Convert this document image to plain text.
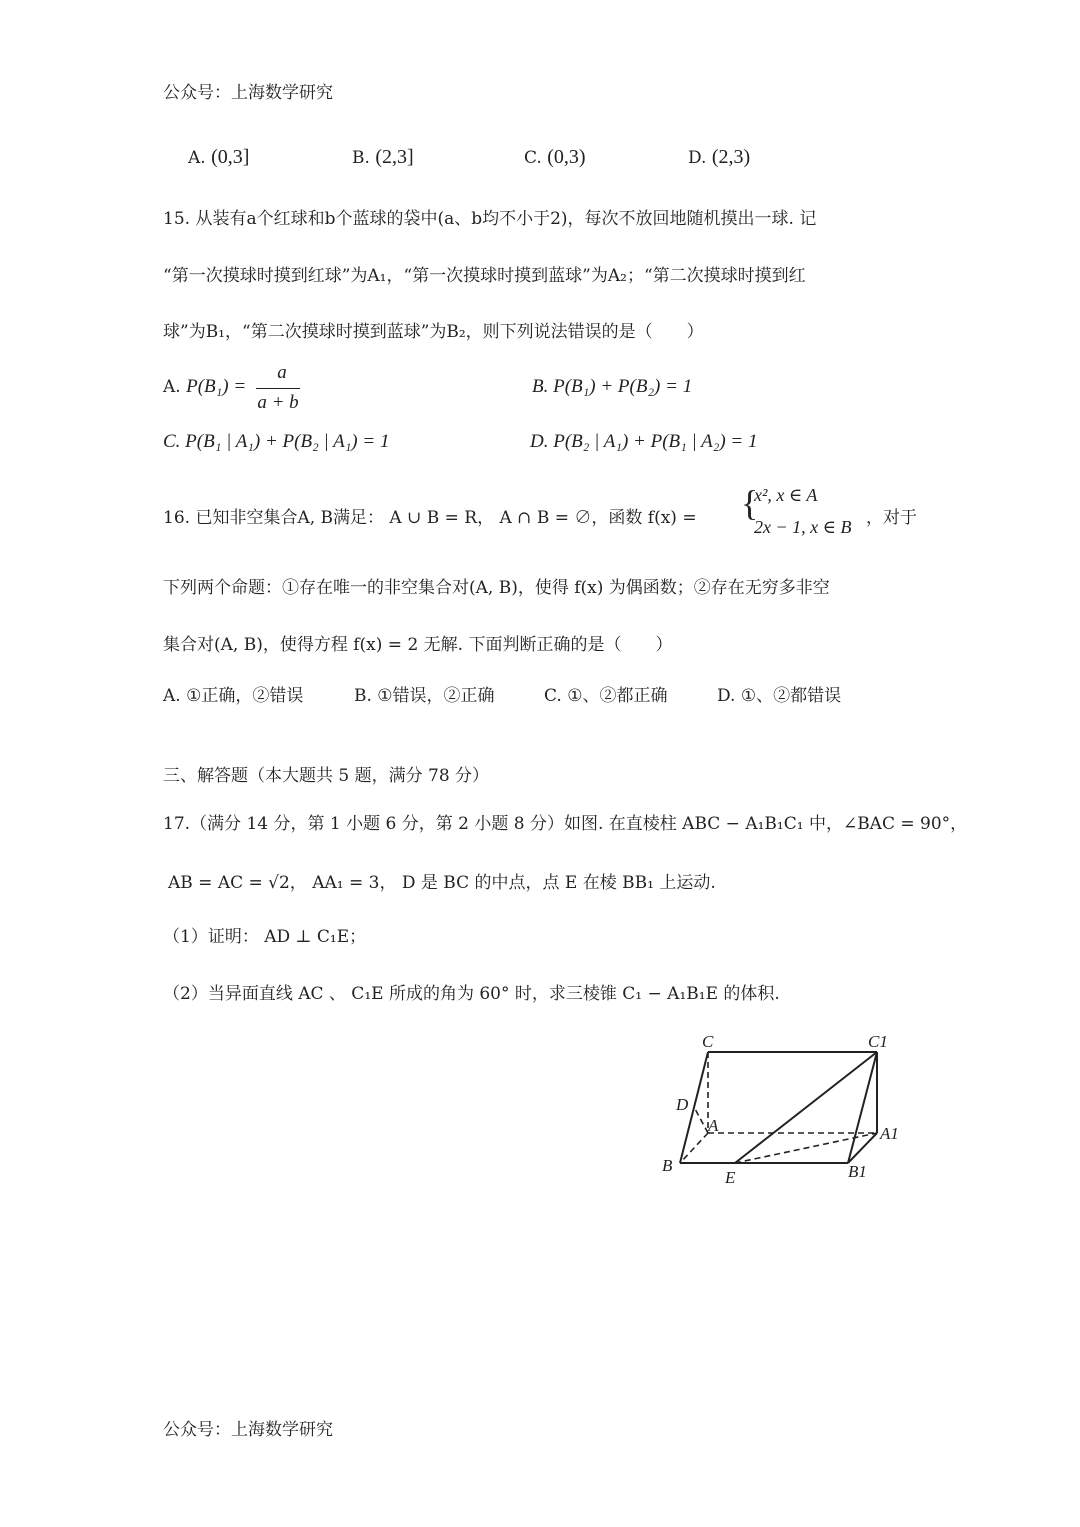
公众号：上海数学研究
A. (0,3]	B. (2,3]	C. (0,3)	D. (2,3)
15. 从装有a个红球和b个蓝球的袋中(a、b均不小于2)，每次不放回地随机摸出一球. 记
“第一次摸球时摸到红球”为A₁，“第一次摸球时摸到蓝球”为A₂；“第二次摸球时摸到红
球”为B₁，“第二次摸球时摸到蓝球”为B₂，则下列说法错误的是（　　）
A. P(B₁) =
a
a + b
B. P(B₁) + P(B₂) = 1
C. P(B₁ | A₁) + P(B₂ | A₁) = 1	D. P(B₂ | A₁) + P(B₁ | A₂) = 1
16. 已知非空集合A, B满足： A ∪ B = R， A ∩ B = ∅，函数 f(x) = {
x², x ∈ A
2x − 1, x ∈ B ，对于
下列两个命题：①存在唯一的非空集合对(A, B)，使得 f(x) 为偶函数；②存在无穷多非空
集合对(A, B)，使得方程 f(x) = 2 无解. 下面判断正确的是（　　）
A. ①正确，②错误	B. ①错误，②正确	C. ①、②都正确	D. ①、②都错误
三、解答题（本大题共 5 题，满分 78 分）
17.（满分 14 分，第 1 小题 6 分，第 2 小题 8 分）如图. 在直棱柱 ABC − A₁B₁C₁ 中，∠BAC = 90°，
AB = AC = √2， AA₁ = 3， D 是 BC 的中点，点 E 在棱 BB₁ 上运动.
（1）证明： AD ⊥ C₁E；
（2）当异面直线 AC 、 C₁E 所成的角为 60° 时，求三棱锥 C₁ − A₁B₁E 的体积.
C	C1
D
A	A1
B
E	B1
公众号：上海数学研究
